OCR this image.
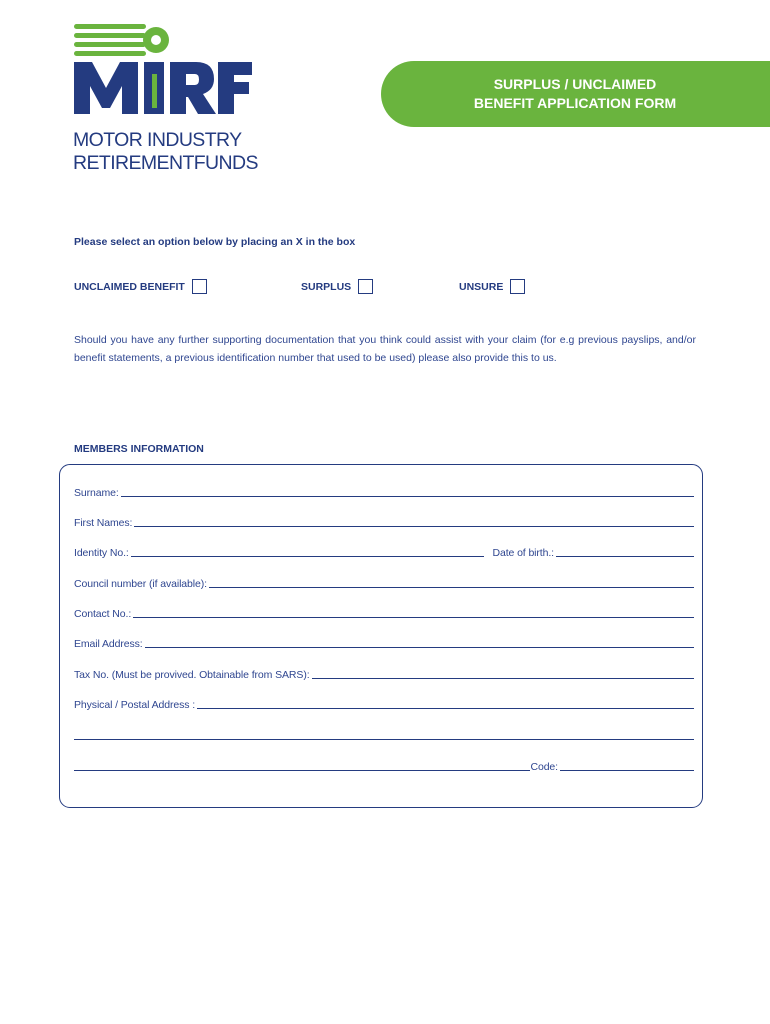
MOTOR INDUSTRY
RETIREMENTFUNDS
SURPLUS / UNCLAIMED
BENEFIT APPLICATION FORM
Please select an option below by placing an X in the box
UNCLAIMED BENEFIT	SURPLUS	UNSURE
Should you have any further supporting documentation that you think could assist with your claim (for e.g previous payslips, and/or benefit statements, a previous identification number that used to be used) please also provide this to us.
MEMBERS INFORMATION
Surname:
First Names:
Identity No.:	Date of birth.:
Council number (if available):
Contact No.:
Email Address:
Tax No. (Must be provived. Obtainable from SARS):
Physical / Postal Address :
Code:
